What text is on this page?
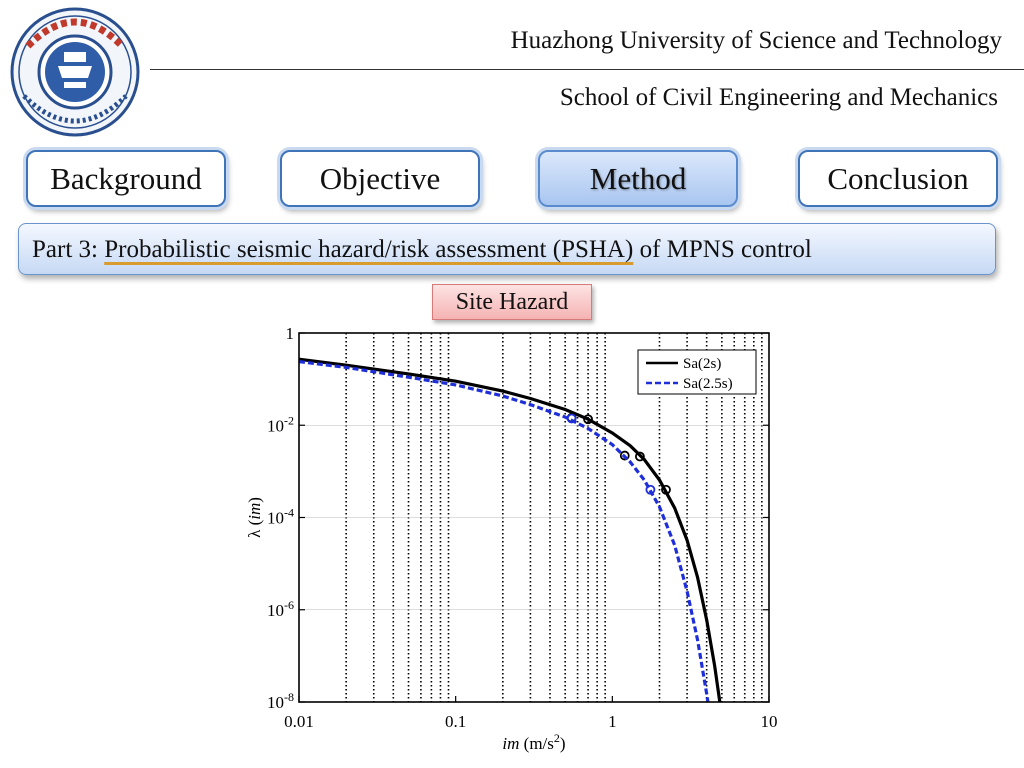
Huazhong University of Science and Technology
School of Civil Engineering and Mechanics
Background	Objective	Method	Conclusion
Part 3: Probabilistic seismic hazard/risk assessment (PSHA) of MPNS control
Site Hazard
0.01	0.1	1	10
1
$10^{-2}$
$10^{-4}$
$10^{-6}$
$10^{-8}$
im $(m/s^2)$
λ (im)
Sa(2s)
Sa(2.5s)
